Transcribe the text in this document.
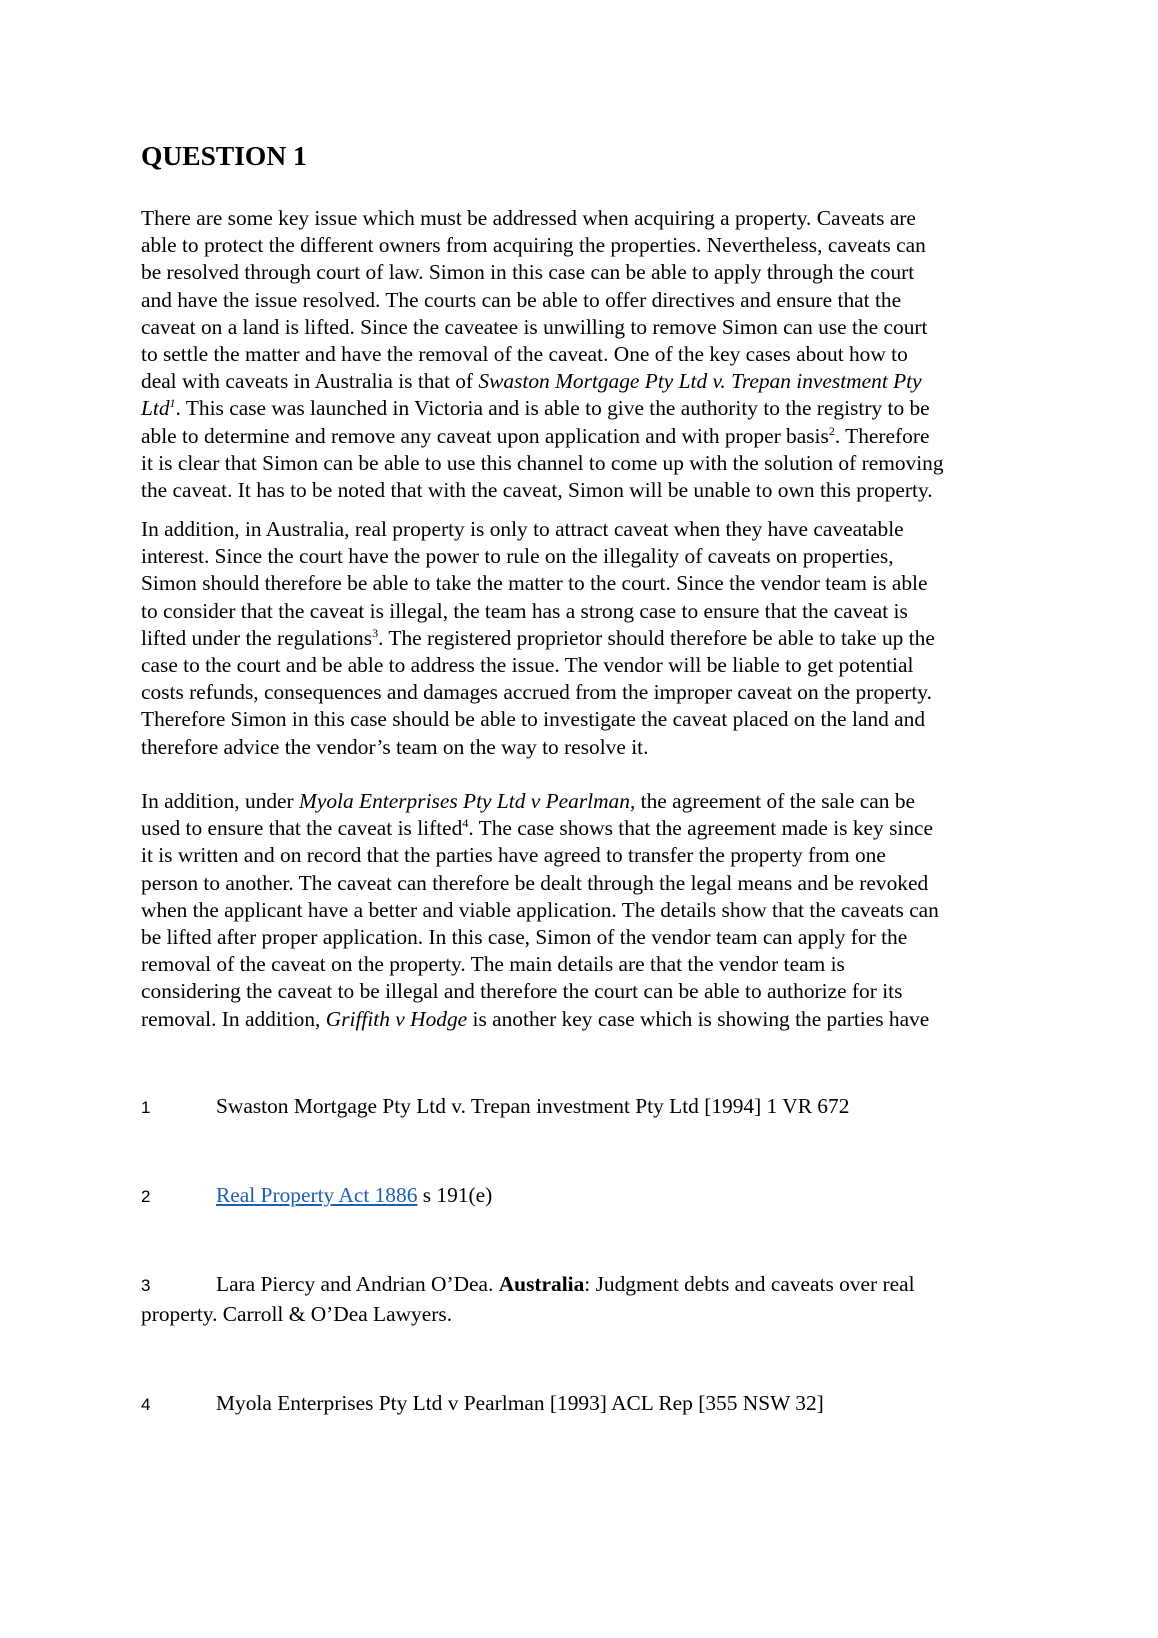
QUESTION 1
There are some key issue which must be addressed when acquiring a property. Caveats are
able to protect the different owners from acquiring the properties. Nevertheless, caveats can
be resolved through court of law. Simon in this case can be able to apply through the court
and have the issue resolved. The courts can be able to offer directives and ensure that the
caveat on a land is lifted. Since the caveatee is unwilling to remove Simon can use the court
to settle the matter and have the removal of the caveat. One of the key cases about how to
deal with caveats in Australia is that of Swaston Mortgage Pty Ltd v. Trepan investment Pty
Ltd$^1$. This case was launched in Victoria and is able to give the authority to the registry to be
able to determine and remove any caveat upon application and with proper basis$^2$. Therefore
it is clear that Simon can be able to use this channel to come up with the solution of removing
the caveat. It has to be noted that with the caveat, Simon will be unable to own this property.
In addition, in Australia, real property is only to attract caveat when they have caveatable
interest. Since the court have the power to rule on the illegality of caveats on properties,
Simon should therefore be able to take the matter to the court. Since the vendor team is able
to consider that the caveat is illegal, the team has a strong case to ensure that the caveat is
lifted under the regulations$^3$. The registered proprietor should therefore be able to take up the
case to the court and be able to address the issue. The vendor will be liable to get potential
costs refunds, consequences and damages accrued from the improper caveat on the property.
Therefore Simon in this case should be able to investigate the caveat placed on the land and
therefore advice the vendor’s team on the way to resolve it.
In addition, under Myola Enterprises Pty Ltd v Pearlman, the agreement of the sale can be
used to ensure that the caveat is lifted$^4$. The case shows that the agreement made is key since
it is written and on record that the parties have agreed to transfer the property from one
person to another. The caveat can therefore be dealt through the legal means and be revoked
when the applicant have a better and viable application. The details show that the caveats can
be lifted after proper application. In this case, Simon of the vendor team can apply for the
removal of the caveat on the property. The main details are that the vendor team is
considering the caveat to be illegal and therefore the court can be able to authorize for its
removal. In addition, Griffith v Hodge is another key case which is showing the parties have
1	Swaston Mortgage Pty Ltd v. Trepan investment Pty Ltd [1994] 1 VR 672
2	Real Property Act 1886 s 191(e)
3	Lara Piercy and Andrian O’Dea. Australia: Judgment debts and caveats over real
property. Carroll & O’Dea Lawyers.
4	Myola Enterprises Pty Ltd v Pearlman [1993] ACL Rep [355 NSW 32]
